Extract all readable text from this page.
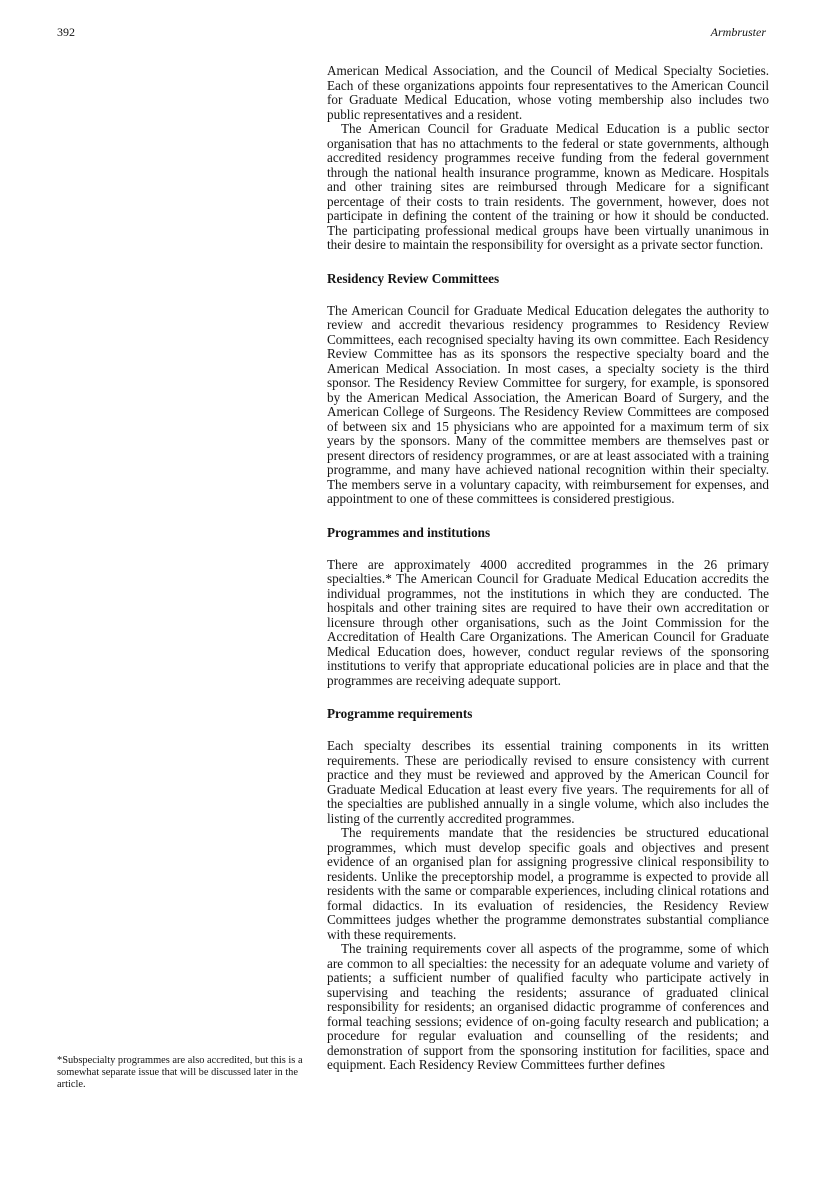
392	Armbruster

American Medical Association, and the Council of Medical Specialty Societies. Each of these organizations appoints four representatives to the American Council for Graduate Medical Education, whose voting membership also includes two public representatives and a resident.

The American Council for Graduate Medical Education is a public sector organisation that has no attachments to the federal or state governments, although accredited residency programmes receive funding from the federal government through the national health insurance programme, known as Medicare. Hospitals and other training sites are reimbursed through Medicare for a significant percentage of their costs to train residents. The government, however, does not participate in defining the content of the training or how it should be conducted. The participating professional medical groups have been virtually unanimous in their desire to maintain the responsibility for oversight as a private sector function.

Residency Review Committees

The American Council for Graduate Medical Education delegates the authority to review and accredit thevarious residency programmes to Residency Review Committees, each recognised specialty having its own committee. Each Residency Review Committee has as its sponsors the respective specialty board and the American Medical Association. In most cases, a specialty society is the third sponsor. The Residency Review Committee for surgery, for example, is sponsored by the American Medical Association, the American Board of Surgery, and the American College of Surgeons. The Residency Review Committees are composed of between six and 15 physicians who are appointed for a maximum term of six years by the sponsors. Many of the committee members are themselves past or present directors of residency programmes, or are at least associated with a training programme, and many have achieved national recognition within their specialty. The members serve in a voluntary capacity, with reimbursement for expenses, and appointment to one of these committees is considered prestigious.

Programmes and institutions

There are approximately 4000 accredited programmes in the 26 primary specialties.* The American Council for Graduate Medical Education accredits the individual programmes, not the institutions in which they are conducted. The hospitals and other training sites are required to have their own accreditation or licensure through other organisations, such as the Joint Commission for the Accreditation of Health Care Organizations. The American Council for Graduate Medical Education does, however, conduct regular reviews of the sponsoring institutions to verify that appropriate educational policies are in place and that the programmes are receiving adequate support.

Programme requirements

Each specialty describes its essential training components in its written requirements. These are periodically revised to ensure consistency with current practice and they must be reviewed and approved by the American Council for Graduate Medical Education at least every five years. The requirements for all of the specialties are published annually in a single volume, which also includes the listing of the currently accredited programmes.

The requirements mandate that the residencies be structured educational programmes, which must develop specific goals and objectives and present evidence of an organised plan for assigning progressive clinical responsibility to residents. Unlike the preceptorship model, a programme is expected to provide all residents with the same or comparable experiences, including clinical rotations and formal didactics. In its evaluation of residencies, the Residency Review Committees judges whether the programme demonstrates substantial compliance with these requirements.

The training requirements cover all aspects of the programme, some of which are common to all specialties: the necessity for an adequate volume and variety of patients; a sufficient number of qualified faculty who participate actively in supervising and teaching the residents; assurance of graduated clinical responsibility for residents; an organised didactic programme of conferences and formal teaching sessions; evidence of on-going faculty research and publication; a procedure for regular evaluation and counselling of the residents; and demonstration of support from the sponsoring institution for facilities, space and equipment. Each Residency Review Committees further defines

*Subspecialty programmes are also accredited, but this is a somewhat separate issue that will be discussed later in the article.
